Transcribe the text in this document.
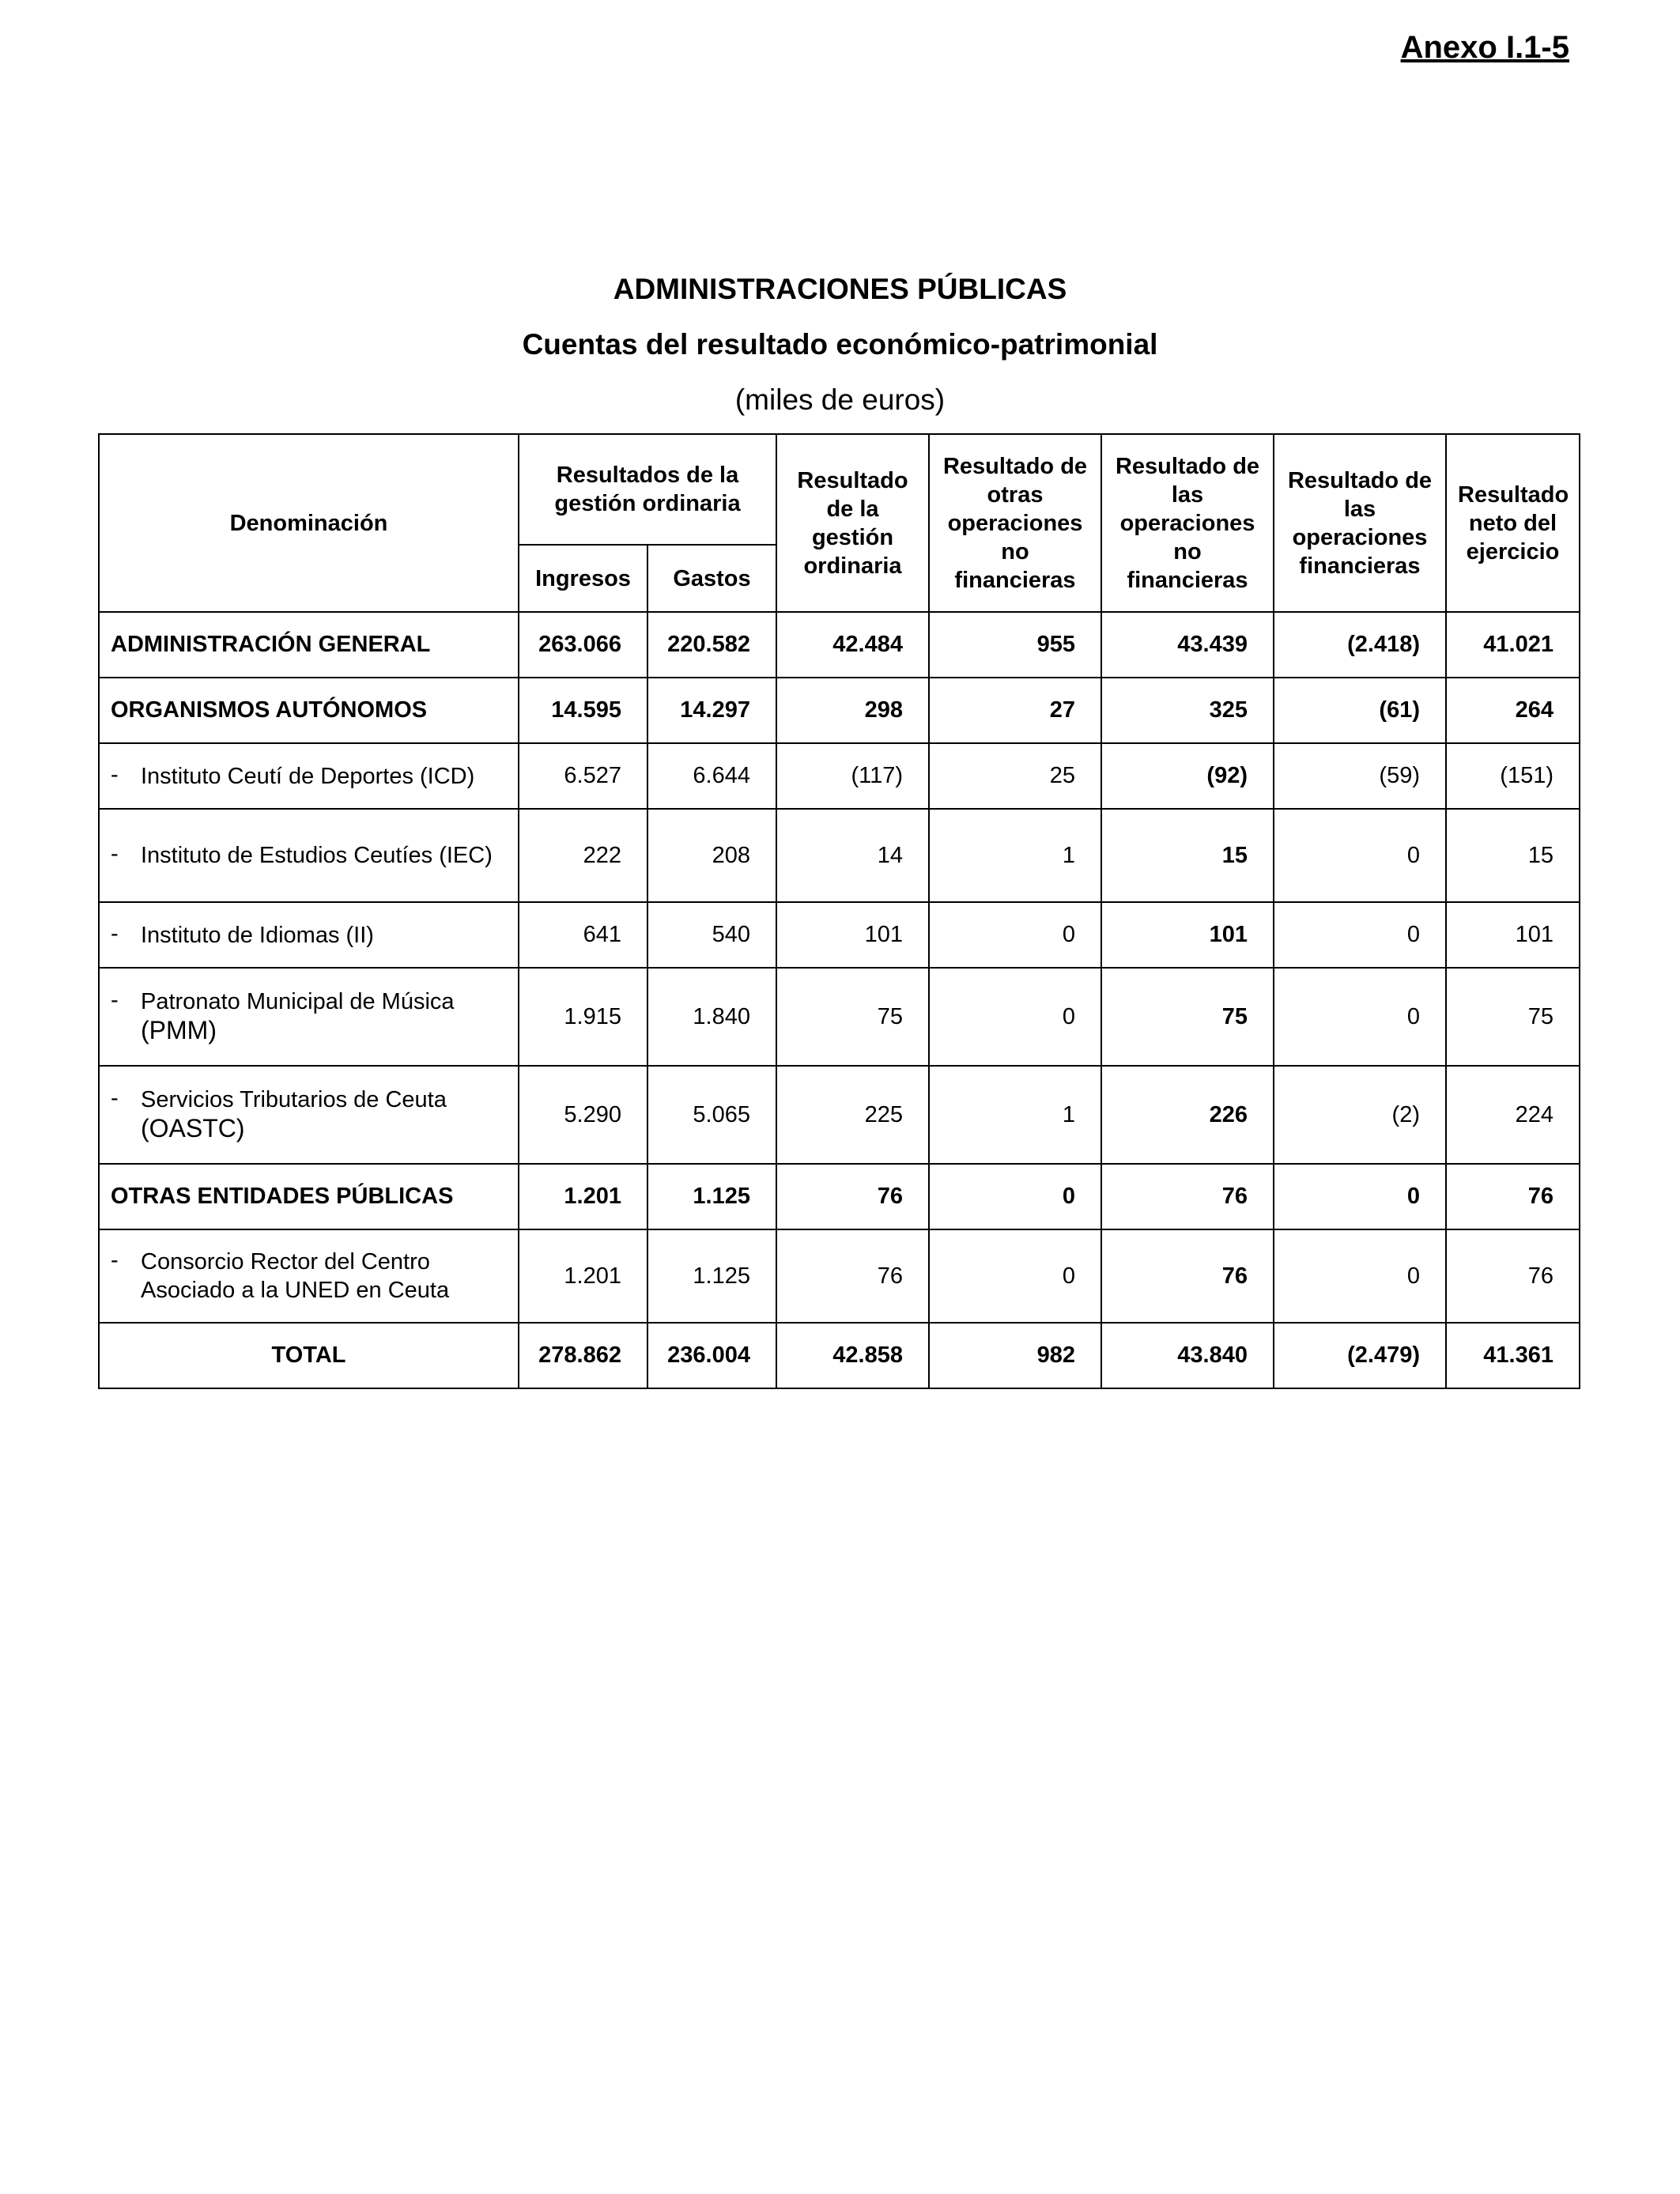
Anexo I.1-5
ADMINISTRACIONES PÚBLICAS
Cuentas del resultado económico-patrimonial
(miles de euros)
Denominación	Resultados de la gestión ordinaria		Resultado de la gestión ordinaria	Resultado de otras operaciones no financieras	Resultado de las operaciones no financieras	Resultado de las operaciones financieras	Resultado neto del ejercicio
	Ingresos	Gastos					
ADMINISTRACIÓN GENERAL	263.066	220.582	42.484	955	43.439	(2.418)	41.021
ORGANISMOS AUTÓNOMOS	14.595	14.297	298	27	325	(61)	264

- Instituto Ceutí de Deportes (ICD)	6.527	6.644	(117)	25	(92)	(59)	(151)

- Instituto de Estudios Ceutíes (IEC)	222	208	14	1	15	0	15

- Instituto de Idiomas (II)	641	540	101	0	101	0	101

- Patronato Municipal de Música
(PMM)	1.915	1.840	75	0	75	0	75

- Servicios Tributarios de Ceuta
(OASTC)	5.290	5.065	225	1	226	(2)	224
OTRAS ENTIDADES PÚBLICAS	1.201	1.125	76	0	76	0	76

- Consorcio Rector del Centro Asociado a la UNED en Ceuta	1.201	1.125	76	0	76	0	76
TOTAL	278.862	236.004	42.858	982	43.840	(2.479)	41.361
